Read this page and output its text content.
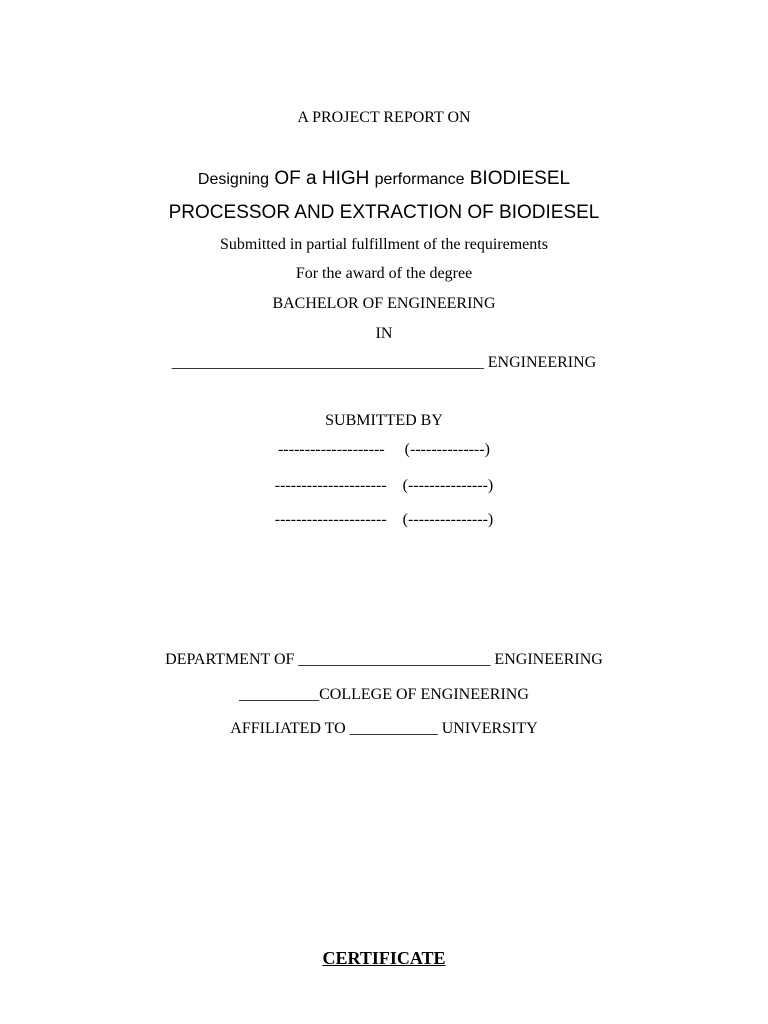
A PROJECT REPORT ON
Designing OF a HIGH performance BIODIESEL
PROCESSOR AND EXTRACTION OF BIODIESEL
Submitted in partial fulfillment of the requirements
For the award of the degree
BACHELOR OF ENGINEERING
IN
_______________________________________ ENGINEERING
SUBMITTED BY
--------------------     (--------------)
---------------------    (---------------)
---------------------    (---------------)
DEPARTMENT OF ________________________ ENGINEERING
__________COLLEGE OF ENGINEERING
AFFILIATED TO ___________ UNIVERSITY
CERTIFICATE
